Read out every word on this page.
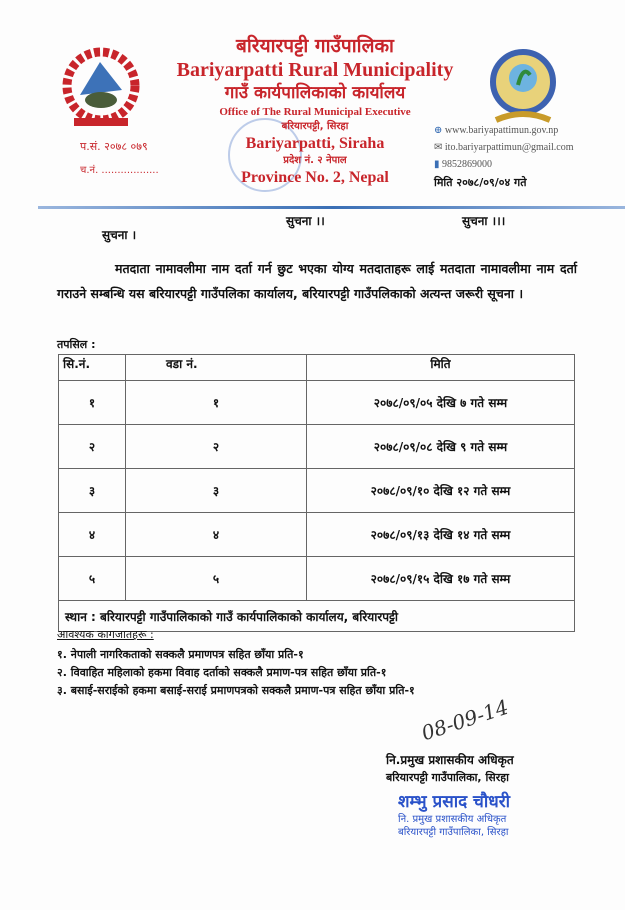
बरियारपट्टी गाउँपालिका
Bariyarpatti Rural Municipality
गाउँ कार्यपालिकाको कार्यालय
Office of The Rural Municipal Executive
बरियारपट्टी, सिरहा
Bariyarpatti, Siraha
प्रदेश नं. २ नेपाल
Province No. 2, Nepal
प.सं. २०७८ ०७९
च.नं. ..................
⊕ www.bariyapattimun.gov.np
✉ ito.bariyarpattimun@gmail.com
▮ 9852869000
मिति २०७८/०९/०४ गते
सुचना ।
सुचना ।।	सुचना ।।।
मतदाता नामावलीमा नाम दर्ता गर्न छुट भएका योग्य मतदाताहरू लाई मतदाता नामावलीमा नाम दर्ता गराउने सम्बन्धि यस बरियारपट्टी गाउँपलिका कार्यालय, बरियारपट्टी गाउँपलिकाको अत्यन्त जरूरी सूचना ।
तपसिल :
सि.नं.	वडा नं.	मिति
१	१	२०७८/०९/०५ देखि ७ गते सम्म
२	२	२०७८/०९/०८ देखि ९ गते सम्म
३	३	२०७८/०९/१० देखि १२ गते सम्म
४	४	२०७८/०९/१३ देखि १४ गते सम्म
५	५	२०७८/०९/१५ देखि १७ गते सम्म
स्थान : बरियारपट्टी गाउँपालिकाको गाउँ कार्यपालिकाको कार्यालय, बरियारपट्टी		
आवश्यक कागजातहरू :
१. नेपाली नागरिकताको सक्कलै प्रमाणपत्र सहित छाँया प्रति-१
२. विवाहित महिलाको हकमा विवाह दर्ताको सक्कलै प्रमाण-पत्र सहित छाँया प्रति-१
३. बसाई-सराईको हकमा बसाई-सराई प्रमाणपत्रको सक्कलै प्रमाण-पत्र सहित छाँया प्रति-१
08-09-14
नि.प्रमुख प्रशासकीय अधिकृत
बरियारपट्टी गाउँपालिका, सिरहा
शम्भु प्रसाद चौधरी
नि. प्रमुख प्रशासकीय अधिकृत
बरियारपट्टी गाउँपालिका, सिरहा
